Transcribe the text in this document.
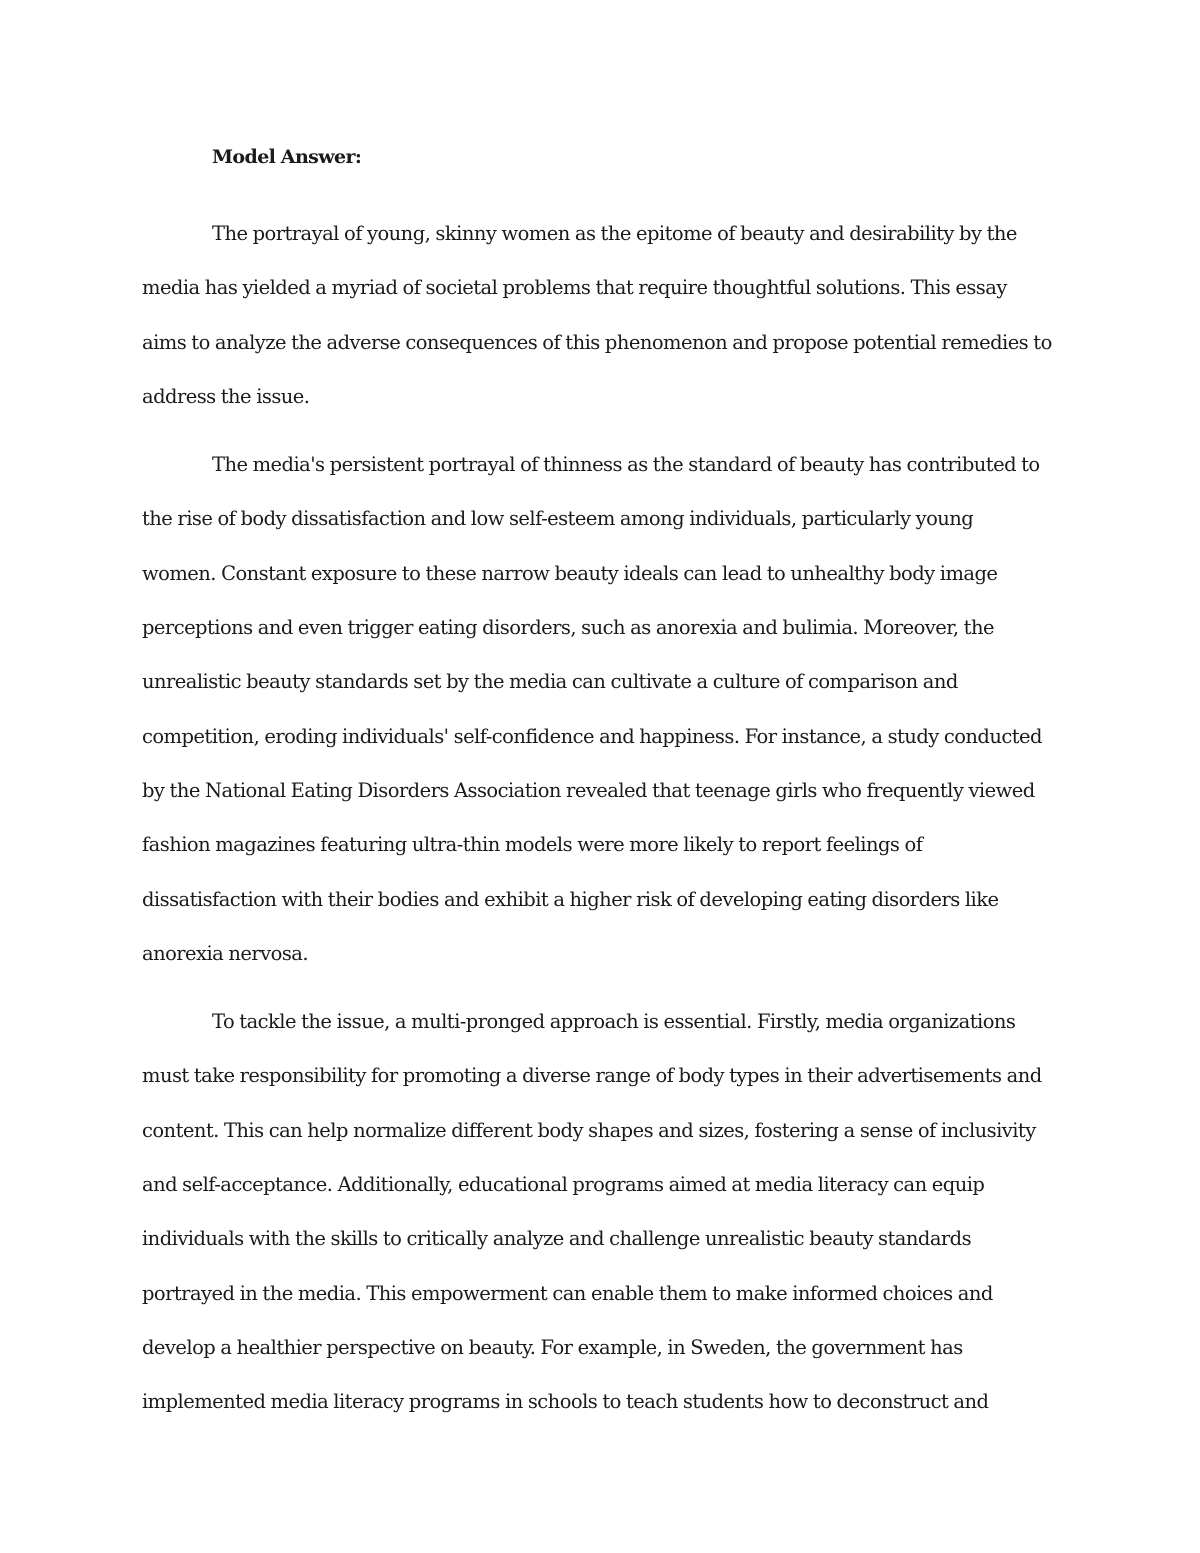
Model Answer:

The portrayal of young, skinny women as the epitome of beauty and desirability by the
media has yielded a myriad of societal problems that require thoughtful solutions. This essay
aims to analyze the adverse consequences of this phenomenon and propose potential remedies to
address the issue.

The media's persistent portrayal of thinness as the standard of beauty has contributed to
the rise of body dissatisfaction and low self-esteem among individuals, particularly young
women. Constant exposure to these narrow beauty ideals can lead to unhealthy body image
perceptions and even trigger eating disorders, such as anorexia and bulimia. Moreover, the
unrealistic beauty standards set by the media can cultivate a culture of comparison and
competition, eroding individuals' self-confidence and happiness. For instance, a study conducted
by the National Eating Disorders Association revealed that teenage girls who frequently viewed
fashion magazines featuring ultra-thin models were more likely to report feelings of
dissatisfaction with their bodies and exhibit a higher risk of developing eating disorders like
anorexia nervosa.

To tackle the issue, a multi-pronged approach is essential. Firstly, media organizations
must take responsibility for promoting a diverse range of body types in their advertisements and
content. This can help normalize different body shapes and sizes, fostering a sense of inclusivity
and self-acceptance. Additionally, educational programs aimed at media literacy can equip
individuals with the skills to critically analyze and challenge unrealistic beauty standards
portrayed in the media. This empowerment can enable them to make informed choices and
develop a healthier perspective on beauty. For example, in Sweden, the government has
implemented media literacy programs in schools to teach students how to deconstruct and
